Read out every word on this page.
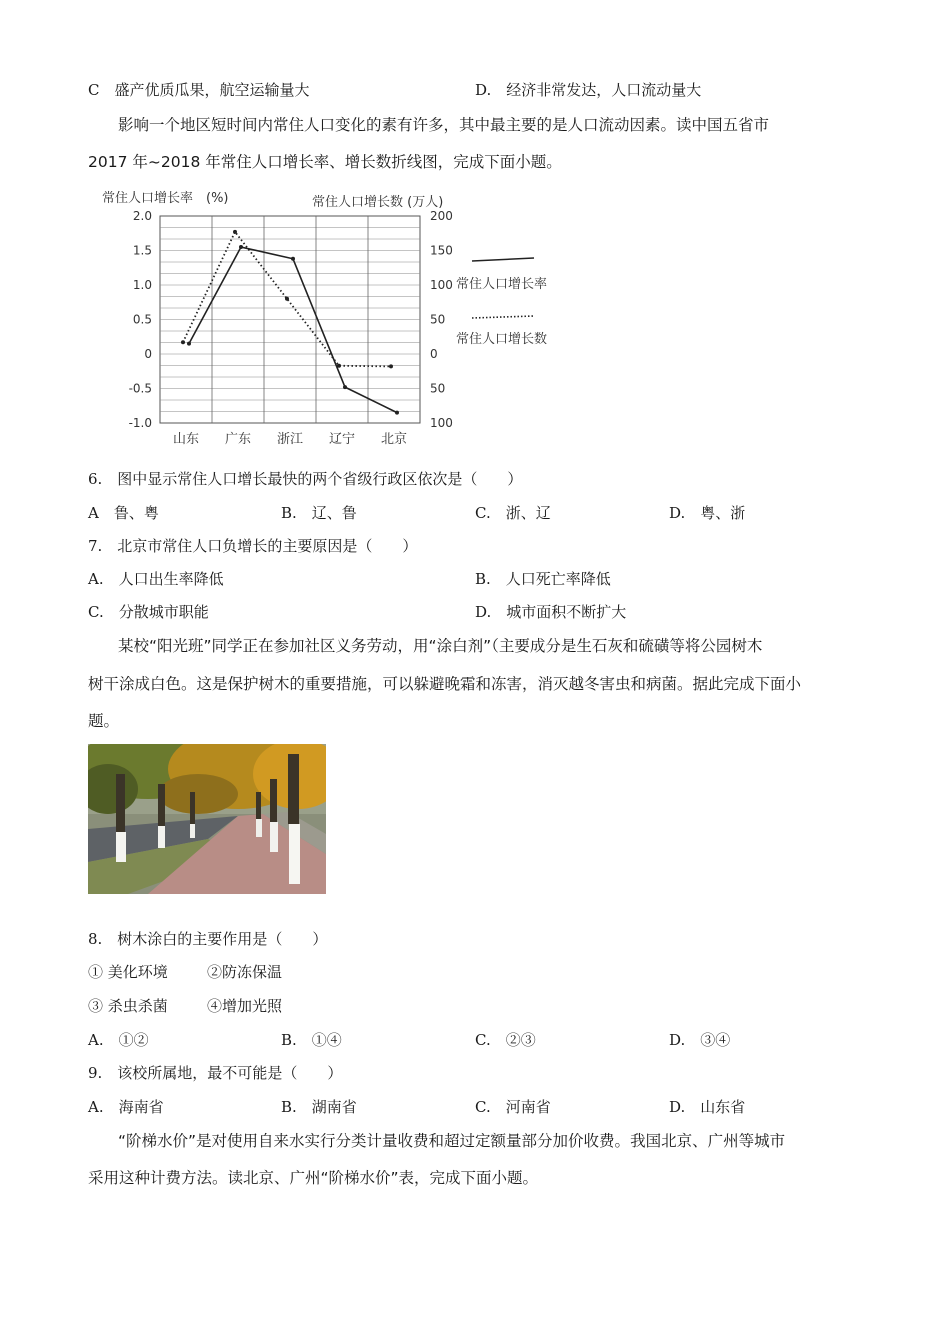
C　盛产优质瓜果，航空运输量大	D.　经济非常发达，人口流动量大
影响一个地区短时间内常住人口变化的素有许多，其中最主要的是人口流动因素。读中国五省市
2017 年~2018 年常住人口增长率、增长数折线图，完成下面小题。
2.0
1.5
1.0
0.5
0
-0.5
-1.0
200
150
100
50
0
50
100
山东 广东 浙江 辽宁 北京
常住人口增长率　(%)	常住人口增长数 (万人)
常住人口增长率
常住人口增长数
6.　图中显示常住人口增长最快的两个省级行政区依次是（　　）
A　鲁、粤	B.　辽、鲁	C.　浙、辽	D.　粤、浙
7.　北京市常住人口负增长的主要原因是（　　）
A.　人口出生率降低	B.　人口死亡率降低
C.　分散城市职能	D.　城市面积不断扩大
某校“阳光班”同学正在参加社区义务劳动，用“涂白剂”（主要成分是生石灰和硫磺等将公园树木
树干涂成白色。这是保护树木的重要措施，可以躲避晚霜和冻害，消灭越冬害虫和病菌。据此完成下面小
题。
8.　树木涂白的主要作用是（　　）
① 美化环境	②防冻保温
③ 杀虫杀菌	④增加光照
A.　①②	B.　①④	C.　②③	D.　③④
9.　该校所属地，最不可能是（　　）
A.　海南省	B.　湖南省	C.　河南省	D.　山东省
“阶梯水价”是对使用自来水实行分类计量收费和超过定额量部分加价收费。我国北京、广州等城市
采用这种计费方法。读北京、广州“阶梯水价”表，完成下面小题。
